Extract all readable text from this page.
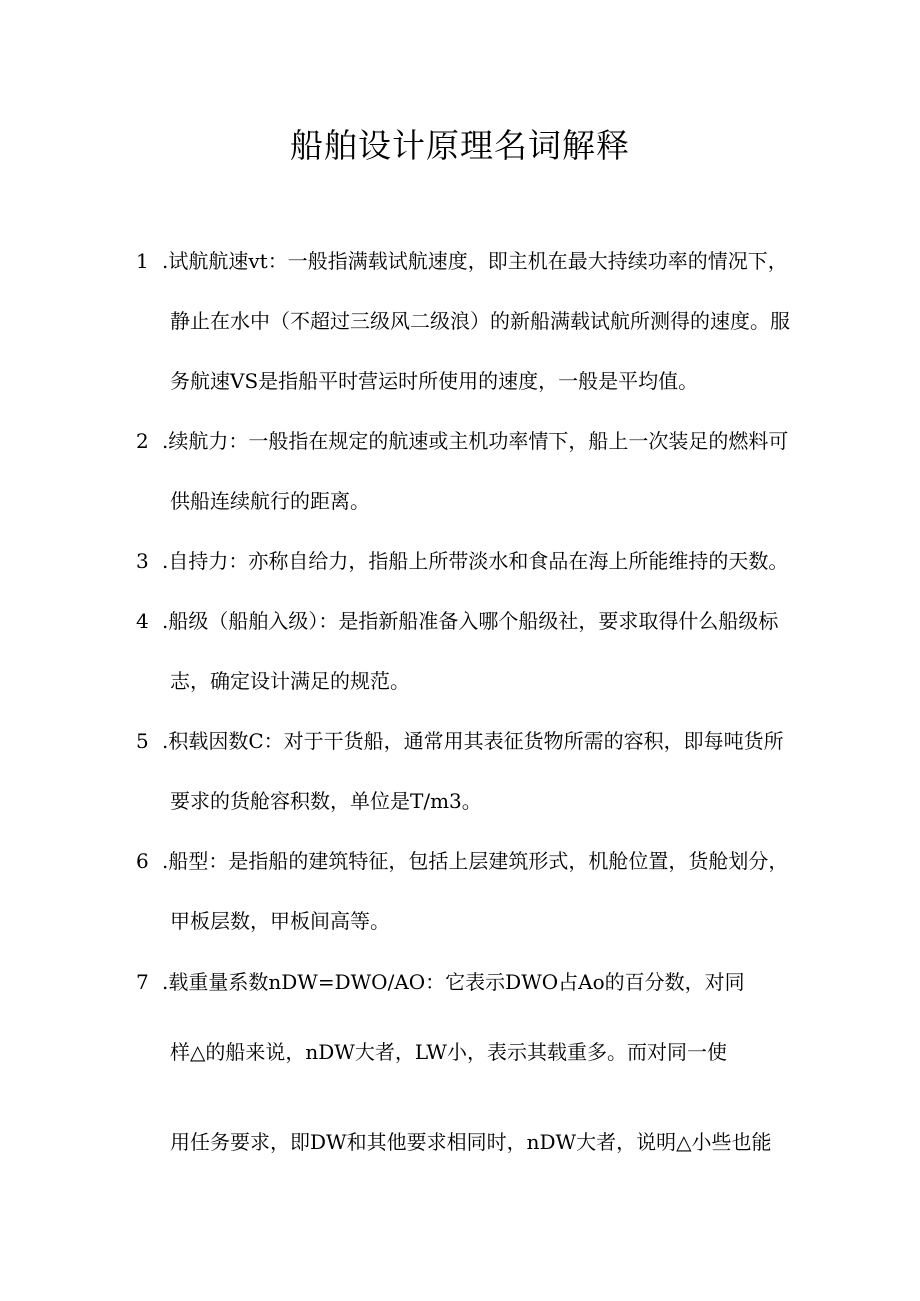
船舶设计原理名词解释
1 .试航航速vt：一般指满载试航速度，即主机在最大持续功率的情况下，
静止在水中（不超过三级风二级浪）的新船满载试航所测得的速度。服
务航速VS是指船平时营运时所使用的速度，一般是平均值。
2 .续航力：一般指在规定的航速或主机功率情下，船上一次装足的燃料可
供船连续航行的距离。
3 .自持力：亦称自给力，指船上所带淡水和食品在海上所能维持的天数。
4 .船级（船舶入级）：是指新船准备入哪个船级社，要求取得什么船级标
志，确定设计满足的规范。
5 .积载因数C：对于干货船，通常用其表征货物所需的容积，即每吨货所
要求的货舱容积数，单位是T/m3。
6 .船型：是指船的建筑特征，包括上层建筑形式，机舱位置，货舱划分，
甲板层数，甲板间高等。
7 .载重量系数nDW=DWO/AO：它表示DWO占Ao的百分数，对同
样△的船来说，nDW大者，LW小，表示其载重多。而对同一使
用任务要求，即DW和其他要求相同时，nDW大者，说明△小些也能
